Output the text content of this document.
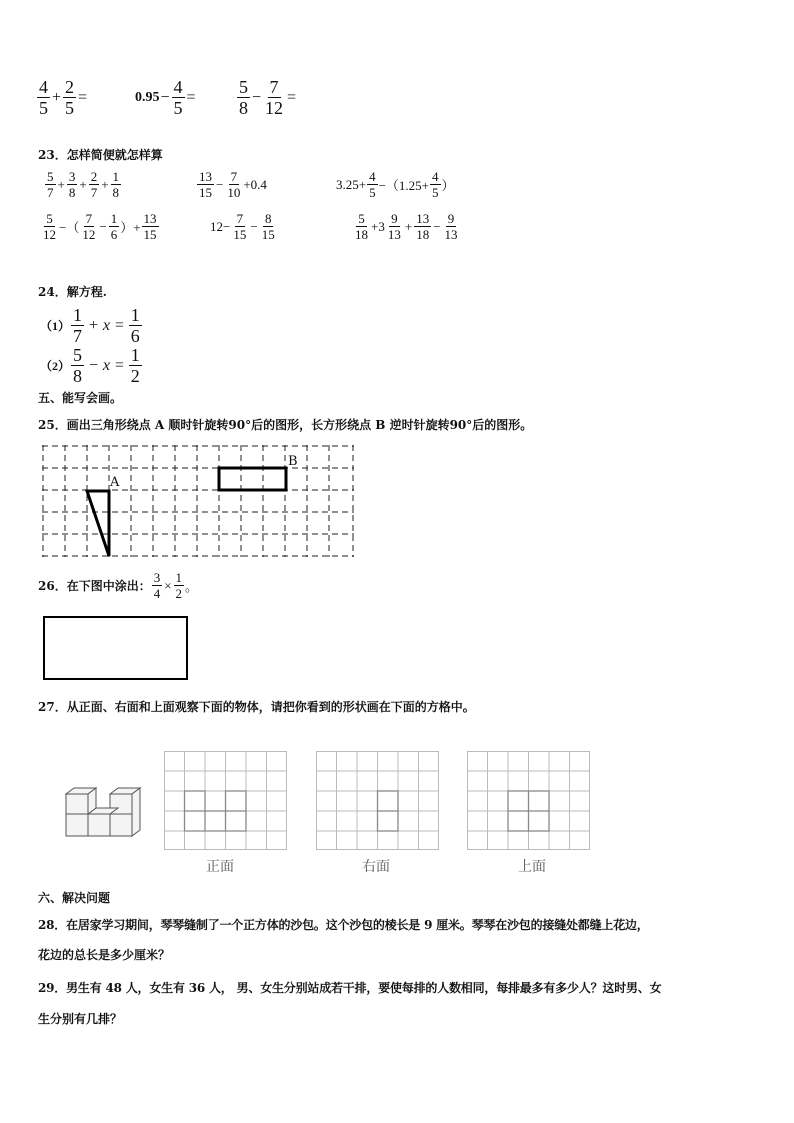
$\frac{4}{5} + \frac{2}{5}$ =	$0.95 - \frac{4}{5} = \frac{5}{8} - \frac{7}{12}$ =
23．怎样简便就怎样算
$\frac{5}{7} + \frac{3}{8} + \frac{2}{7} + \frac{1}{8}$	$\frac{13}{15} - \frac{7}{10} +0.4$	$3.25+ \frac{4}{5} -(1.25+ \frac{4}{5}$ ）
$\frac{5}{12}$ −（ $\frac{7}{12} - \frac{1}{6}$ ）+ $\frac{13}{15}$	$12- \frac{7}{15} - \frac{8}{15}$	$\frac{5}{18} +3 \frac{9}{13} + \frac{13}{18} - \frac{9}{13}$
24．解方程.
$(1) \frac{1}{7} + x = \frac{1}{6}$
$(2) \frac{5}{8} - x = \frac{1}{2}$
五、能写会画。
25．画出三角形绕点 A 顺时针旋转90°后的图形，长方形绕点 B 逆时针旋转90°后的图形。
A
B
26．在下图中涂出： $\frac{3}{4} \times \frac{1}{2}$ 。
27．从正面、右面和上面观察下面的物体，请把你看到的形状画在下面的方格中。
正面	右面	上面
六、解决问题
28．在居家学习期间，琴琴缝制了一个正方体的沙包。这个沙包的棱长是 9 厘米。琴琴在沙包的接缝处都缝上花边，
花边的总长是多少厘米？
29．男生有 48 人，女生有 36 人， 男、女生分别站成若干排，要使每排的人数相同，每排最多有多少人？这时男、女
生分别有几排？
